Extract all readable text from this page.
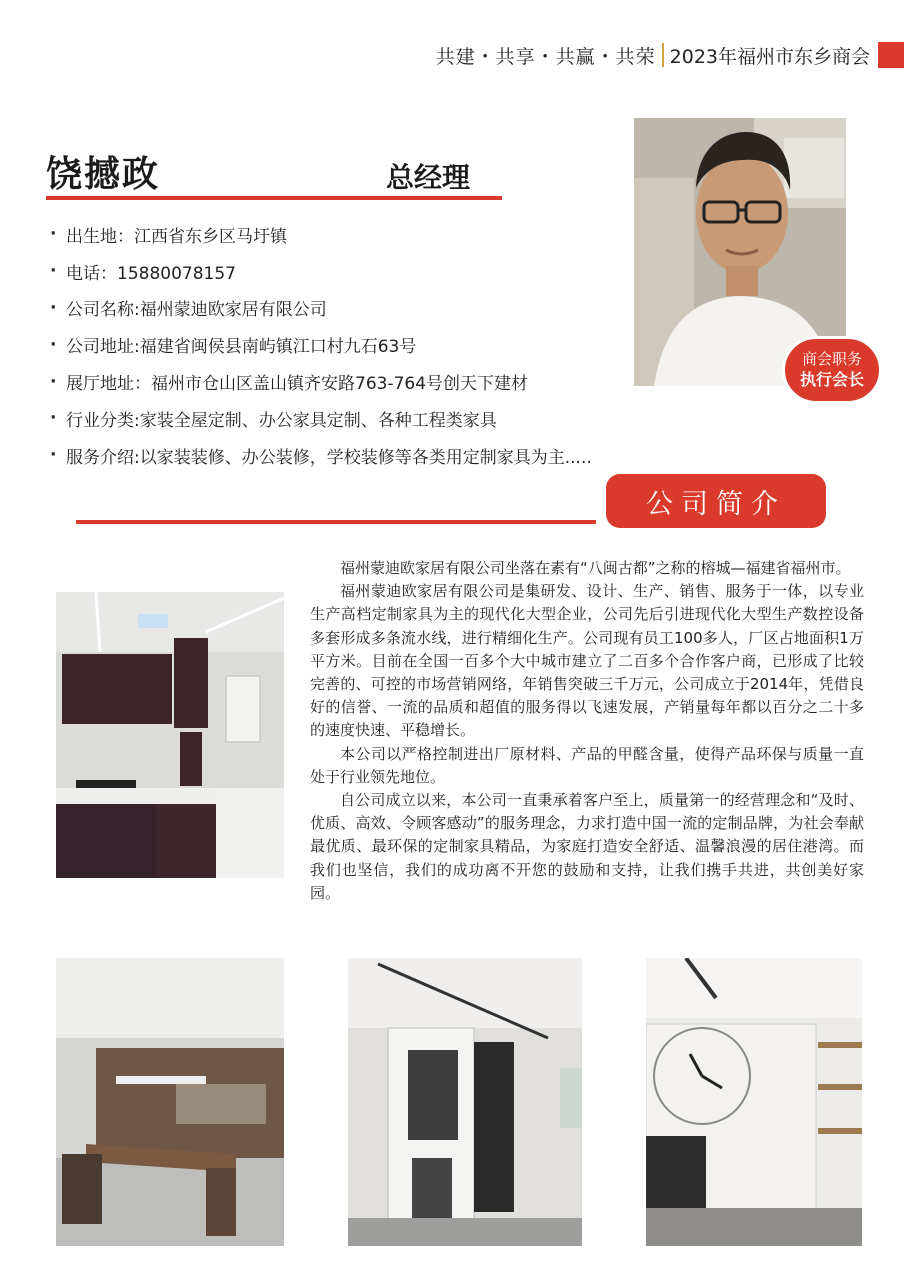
共建・共享・共赢・共荣 2023年福州市东乡商会
饶撼政	总经理
· 出生地：江西省东乡区马圩镇
· 电话：15880078157
· 公司名称:福州蒙迪欧家居有限公司
· 公司地址:福建省闽侯县南屿镇江口村九石63号
· 展厅地址：福州市仓山区盖山镇齐安路763-764号创天下建材
· 行业分类:家装全屋定制、办公家具定制、各种工程类家具
· 服务介绍:以家装装修、办公装修，学校装修等各类用定制家具为主.....
商会职务
执行会长
公司简介

福州蒙迪欧家居有限公司坐落在素有“八闽古都”之称的榕城—福建省福州市。

福州蒙迪欧家居有限公司是集研发、设计、生产、销售、服务于一体，以专业生产高档定制家具为主的现代化大型企业，公司先后引进现代化大型生产数控设备多套形成多条流水线，进行精细化生产。公司现有员工100多人，厂区占地面积1万平方米。目前在全国一百多个大中城市建立了二百多个合作客户商，已形成了比较完善的、可控的市场营销网络，年销售突破三千万元，公司成立于2014年，凭借良好的信誉、一流的品质和超值的服务得以飞速发展，产销量每年都以百分之二十多的速度快速、平稳增长。

本公司以严格控制进出厂原材料、产品的甲醛含量，使得产品环保与质量一直处于行业领先地位。

自公司成立以来，本公司一直秉承着客户至上，质量第一的经营理念和“及时、优质、高效、令顾客感动”的服务理念，力求打造中国一流的定制品牌，为社会奉献最优质、最环保的定制家具精品，为家庭打造安全舒适、温馨浪漫的居住港湾。而我们也坚信，我们的成功离不开您的鼓励和支持，让我们携手共进，共创美好家园。
